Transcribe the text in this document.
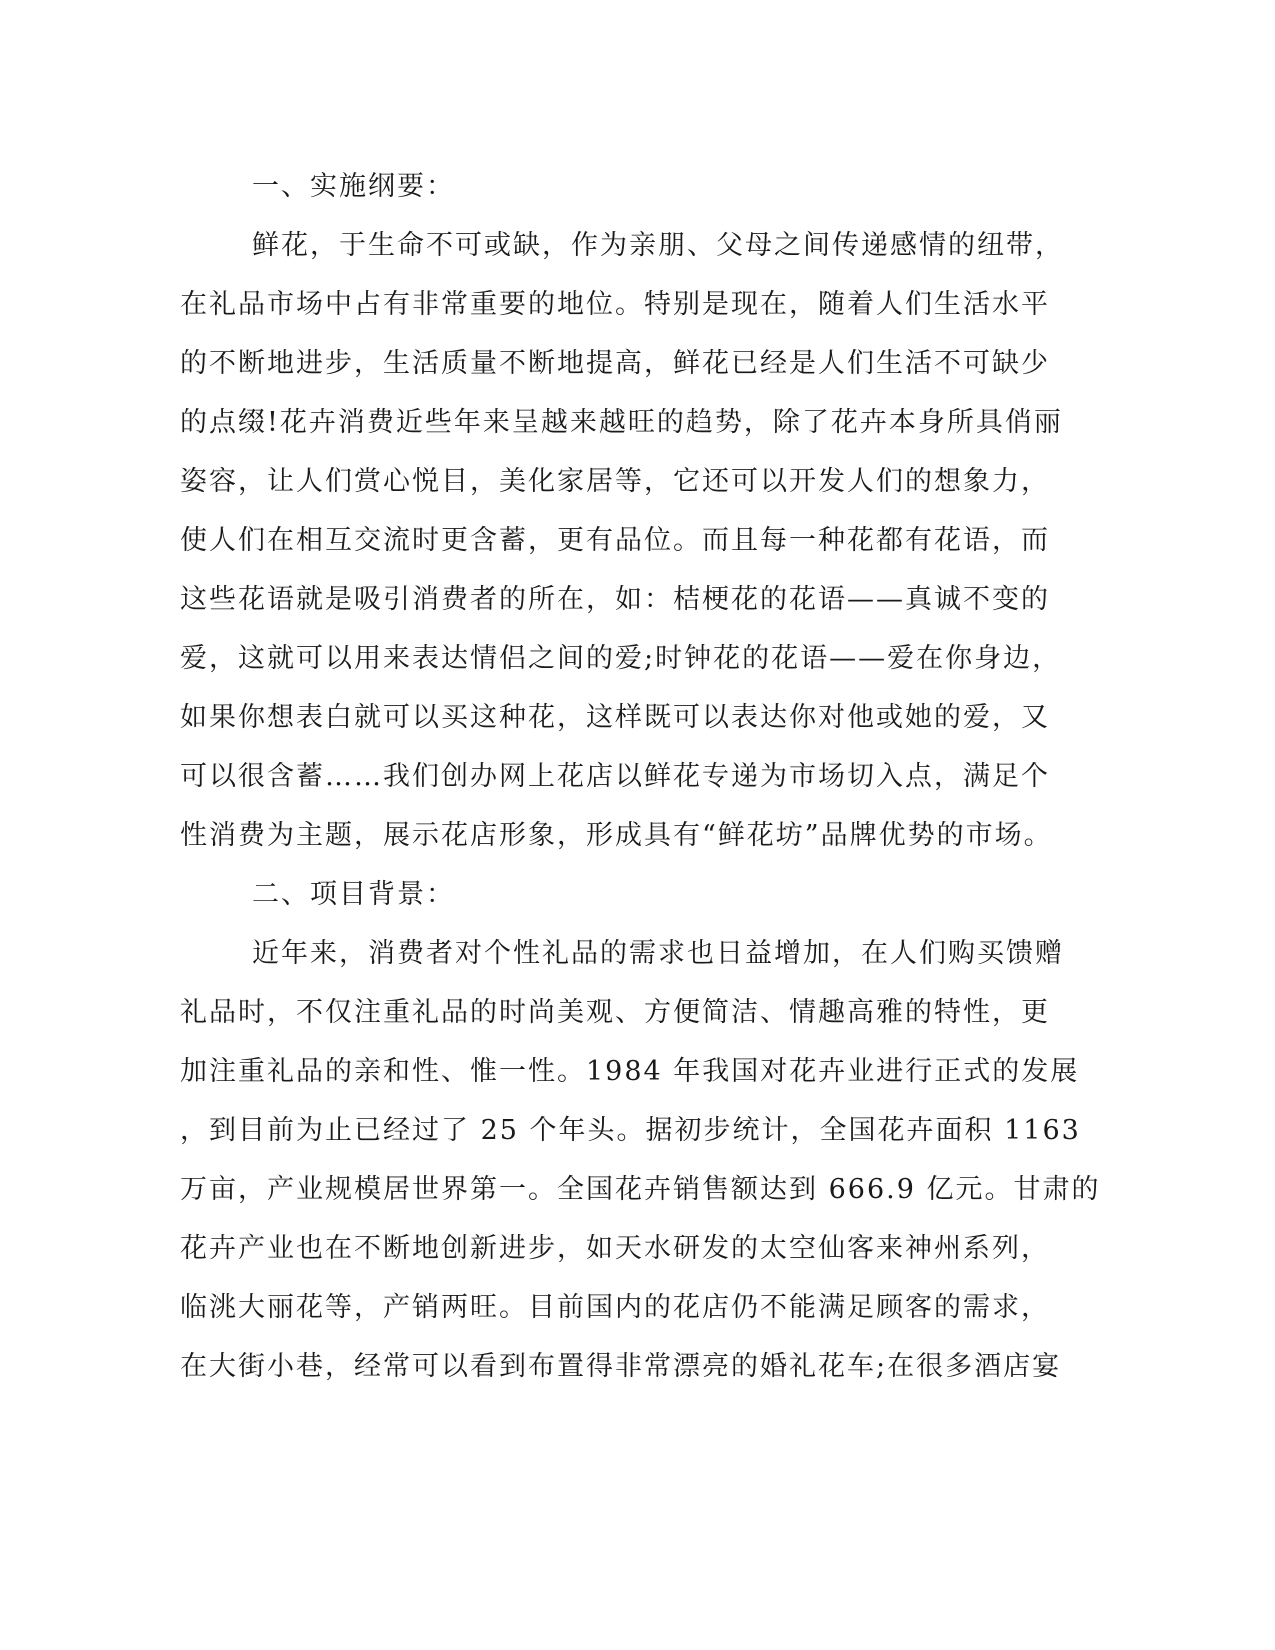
一、实施纲要：
鲜花，于生命不可或缺，作为亲朋、父母之间传递感情的纽带，
在礼品市场中占有非常重要的地位。特别是现在，随着人们生活水平
的不断地进步，生活质量不断地提高，鲜花已经是人们生活不可缺少
的点缀!花卉消费近些年来呈越来越旺的趋势，除了花卉本身所具俏丽
姿容，让人们赏心悦目，美化家居等，它还可以开发人们的想象力，
使人们在相互交流时更含蓄，更有品位。而且每一种花都有花语，而
这些花语就是吸引消费者的所在，如：桔梗花的花语——真诚不变的
爱，这就可以用来表达情侣之间的爱;时钟花的花语——爱在你身边，
如果你想表白就可以买这种花，这样既可以表达你对他或她的爱，又
可以很含蓄……我们创办网上花店以鲜花专递为市场切入点，满足个
性消费为主题，展示花店形象，形成具有“鲜花坊”品牌优势的市场。
二、项目背景：
近年来，消费者对个性礼品的需求也日益增加，在人们购买馈赠
礼品时，不仅注重礼品的时尚美观、方便简洁、情趣高雅的特性，更
加注重礼品的亲和性、惟一性。1984 年我国对花卉业进行正式的发展
，到目前为止已经过了 25 个年头。据初步统计，全国花卉面积 1163
万亩，产业规模居世界第一。全国花卉销售额达到 666.9 亿元。甘肃的
花卉产业也在不断地创新进步，如天水研发的太空仙客来神州系列，
临洮大丽花等，产销两旺。目前国内的花店仍不能满足顾客的需求，
在大街小巷，经常可以看到布置得非常漂亮的婚礼花车;在很多酒店宴
